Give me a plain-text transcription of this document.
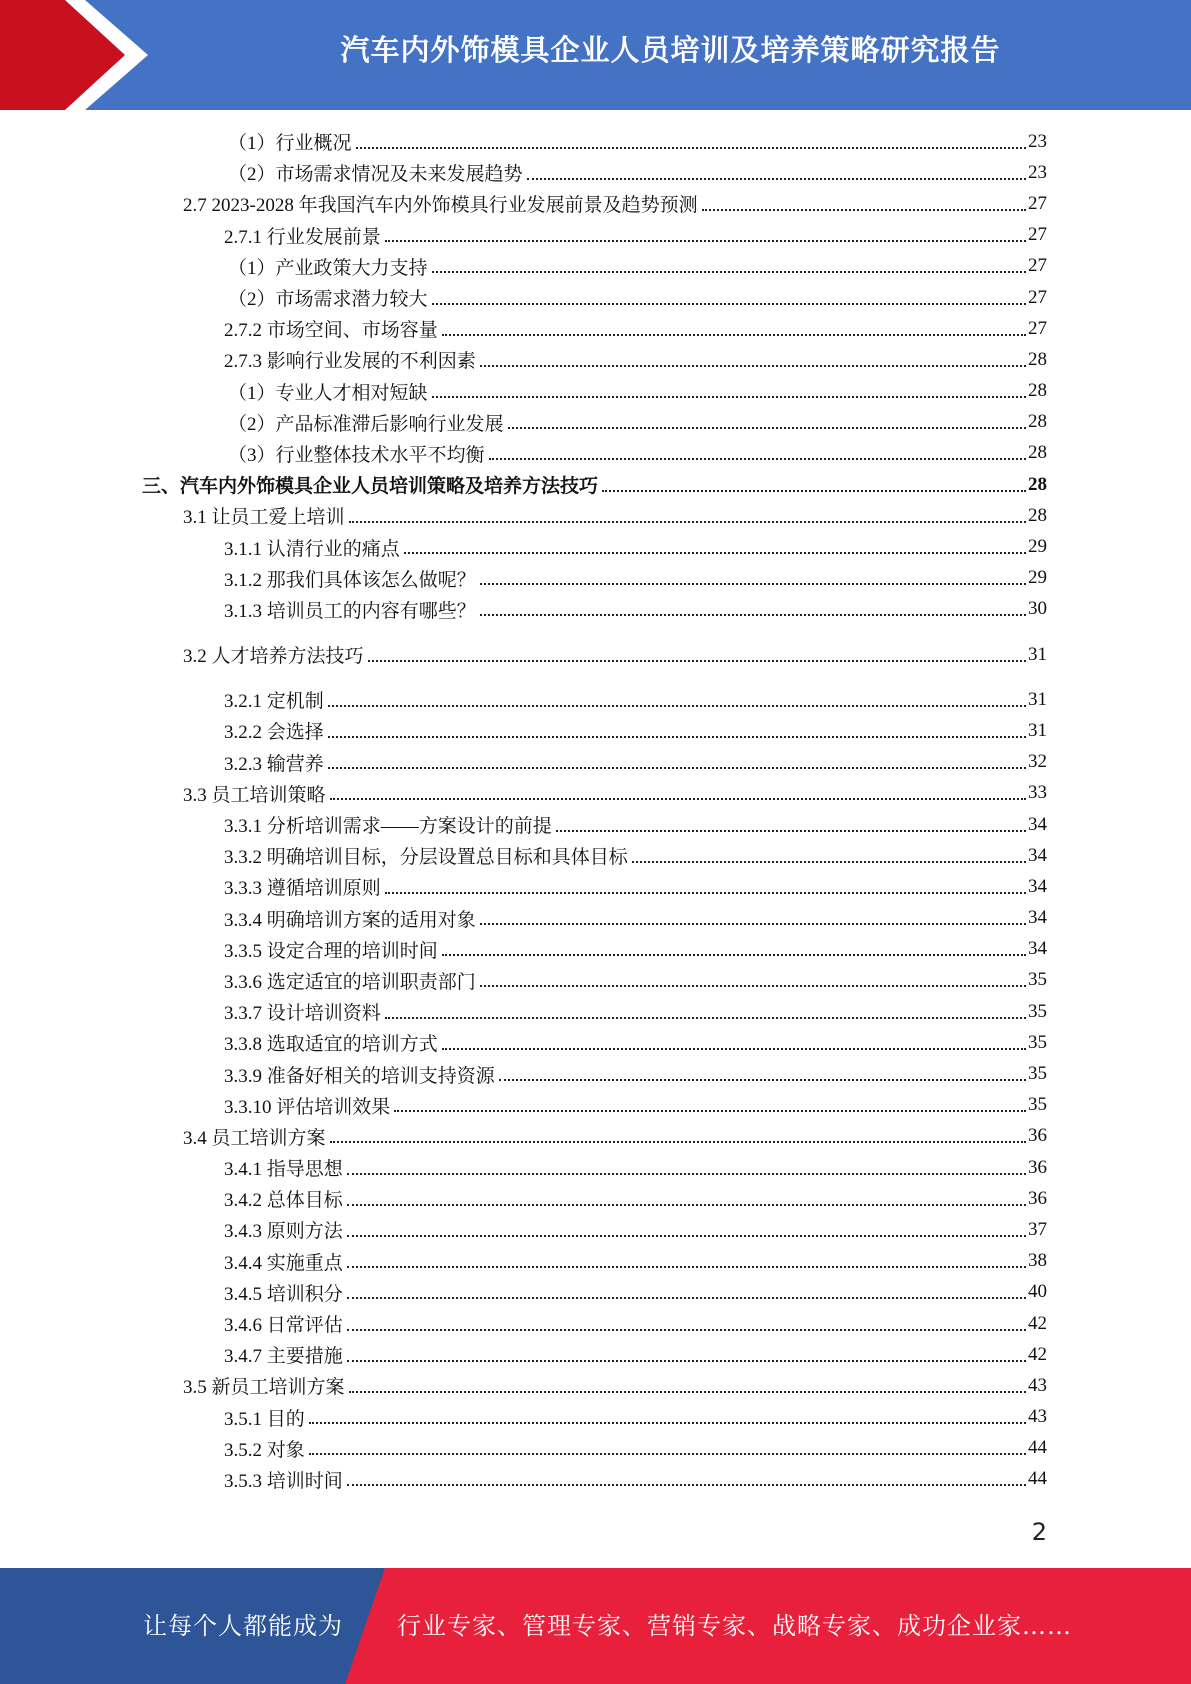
汽车内外饰模具企业人员培训及培养策略研究报告
（1）行业概况	23
（2）市场需求情况及未来发展趋势	23
2.7 2023-2028 年我国汽车内外饰模具行业发展前景及趋势预测	27
2.7.1 行业发展前景	27
（1）产业政策大力支持	27
（2）市场需求潜力较大	27
2.7.2 市场空间、市场容量	27
2.7.3 影响行业发展的不利因素	28
（1）专业人才相对短缺	28
（2）产品标准滞后影响行业发展	28
（3）行业整体技术水平不均衡	28
三、汽车内外饰模具企业人员培训策略及培养方法技巧	28
3.1 让员工爱上培训	28
3.1.1 认清行业的痛点	29
3.1.2 那我们具体该怎么做呢？	29
3.1.3 培训员工的内容有哪些？	30
3.2 人才培养方法技巧	31
3.2.1 定机制	31
3.2.2 会选择	31
3.2.3 输营养	32
3.3 员工培训策略	33
3.3.1 分析培训需求——方案设计的前提	34
3.3.2 明确培训目标，分层设置总目标和具体目标	34
3.3.3 遵循培训原则	34
3.3.4 明确培训方案的适用对象	34
3.3.5 设定合理的培训时间	34
3.3.6 选定适宜的培训职责部门	35
3.3.7 设计培训资料	35
3.3.8 选取适宜的培训方式	35
3.3.9 准备好相关的培训支持资源	35
3.3.10 评估培训效果	35
3.4 员工培训方案	36
3.4.1 指导思想	36
3.4.2 总体目标	36
3.4.3 原则方法	37
3.4.4 实施重点	38
3.4.5 培训积分	40
3.4.6 日常评估	42
3.4.7 主要措施	42
3.5 新员工培训方案	43
3.5.1 目的	43
3.5.2 对象	44
3.5.3 培训时间	44
2
让每个人都能成为 行业专家、管理专家、营销专家、战略专家、成功企业家……
